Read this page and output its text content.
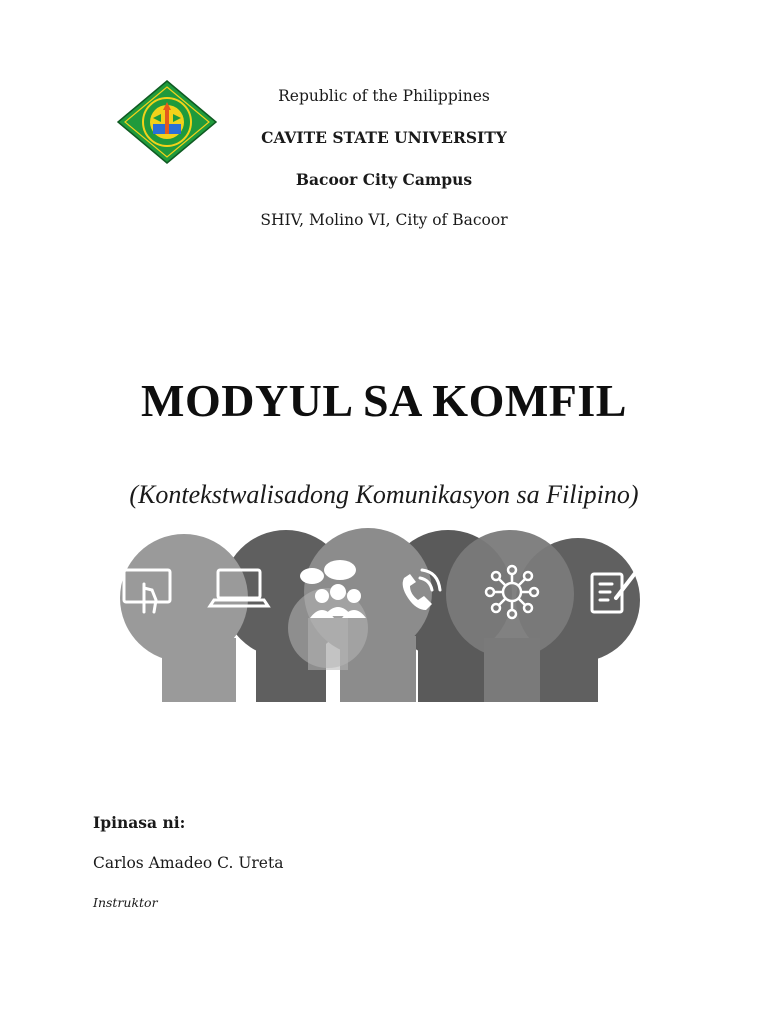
Republic of the Philippines
CAVITE STATE UNIVERSITY
Bacoor City Campus
SHIV, Molino VI, City of Bacoor
MODYUL SA KOMFIL
(Kontekstwalisadong Komunikasyon sa Filipino)
Ipinasa ni:
Carlos Amadeo C. Ureta
Instruktor
